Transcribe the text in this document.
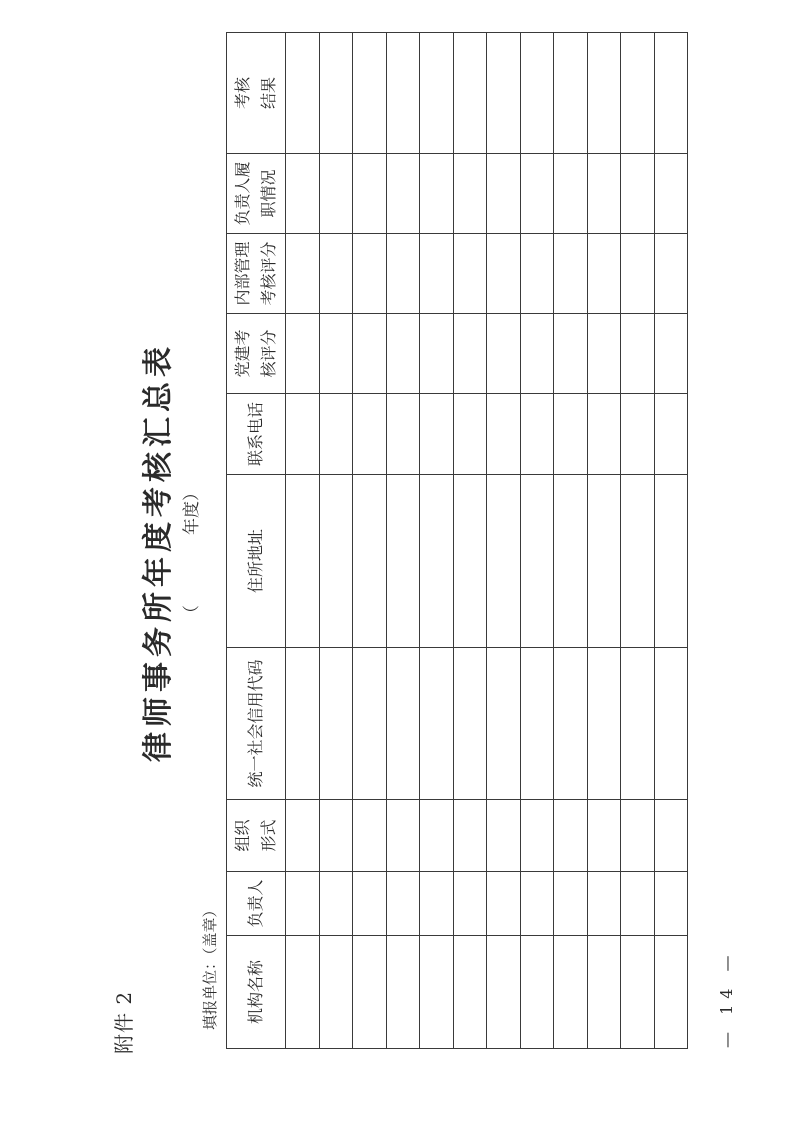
附件 2
律师事务所年度考核汇总表 （年度）
填报单位：（盖章） 机构名称	负责人	组织 形式	统一社会信用代码	住所地址	联系电话	党建考 核评分	内部管理 考核评分	负责人履 职情况	考核 结果

— 14 —
